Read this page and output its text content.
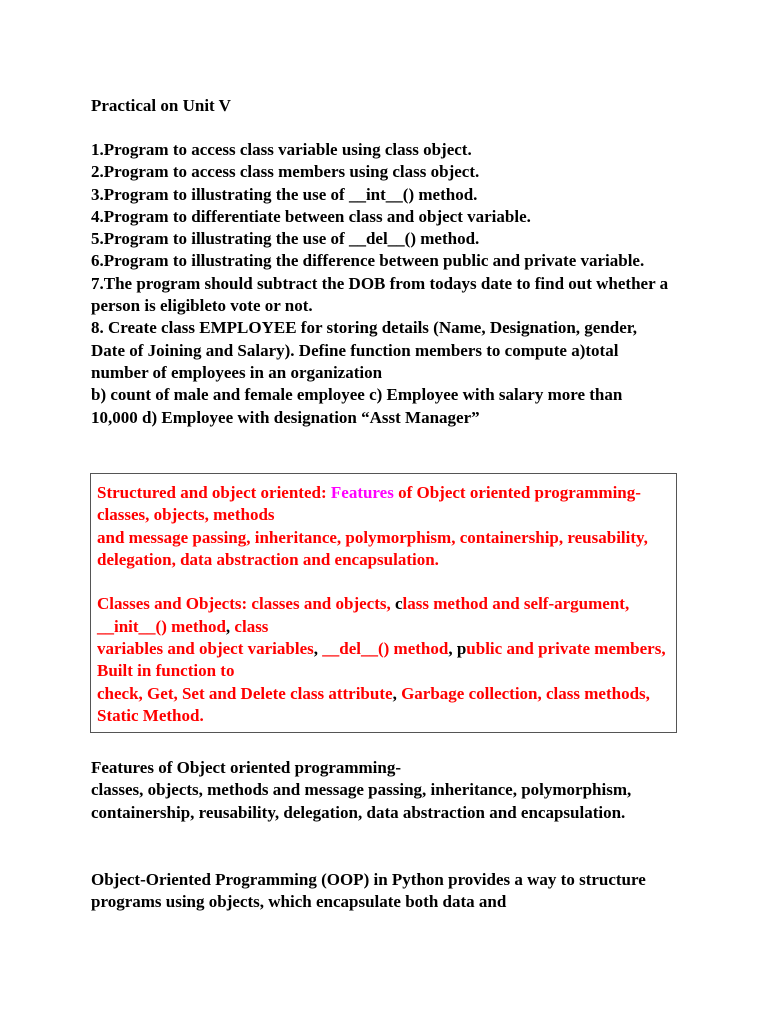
Practical on Unit V
1.Program to access class variable using class object.
2.Program to access class members using class object.
3.Program to illustrating the use of __int__() method.
4.Program to differentiate between class and object variable.
5.Program to illustrating the use of __del__() method.
6.Program to illustrating the difference between public and private variable.
7.The program should subtract the DOB from todays date to find out whether a person is eligibleto vote or not.
8. Create class EMPLOYEE for storing details (Name, Designation, gender, Date of Joining and Salary). Define function members to compute a)total number of employees in an organization
b) count of male and female employee c) Employee with salary more than 10,000 d) Employee with designation “Asst Manager”

Structured and object oriented: Features of Object oriented programming-classes, objects, methods

and message passing, inheritance, polymorphism, containership, reusability, delegation, data abstraction and encapsulation.

Classes and Objects: classes and objects, class method and self-argument, __init__() method, class

variables and object variables, __del__() method, public and private members, Built in function to

check, Get, Set and Delete class attribute, Garbage collection, class methods, Static Method.

Features of Object oriented programming-

classes, objects, methods and message passing, inheritance, polymorphism, containership, reusability, delegation, data abstraction and encapsulation.

Object-Oriented Programming (OOP) in Python provides a way to structure programs using objects, which encapsulate both data and
